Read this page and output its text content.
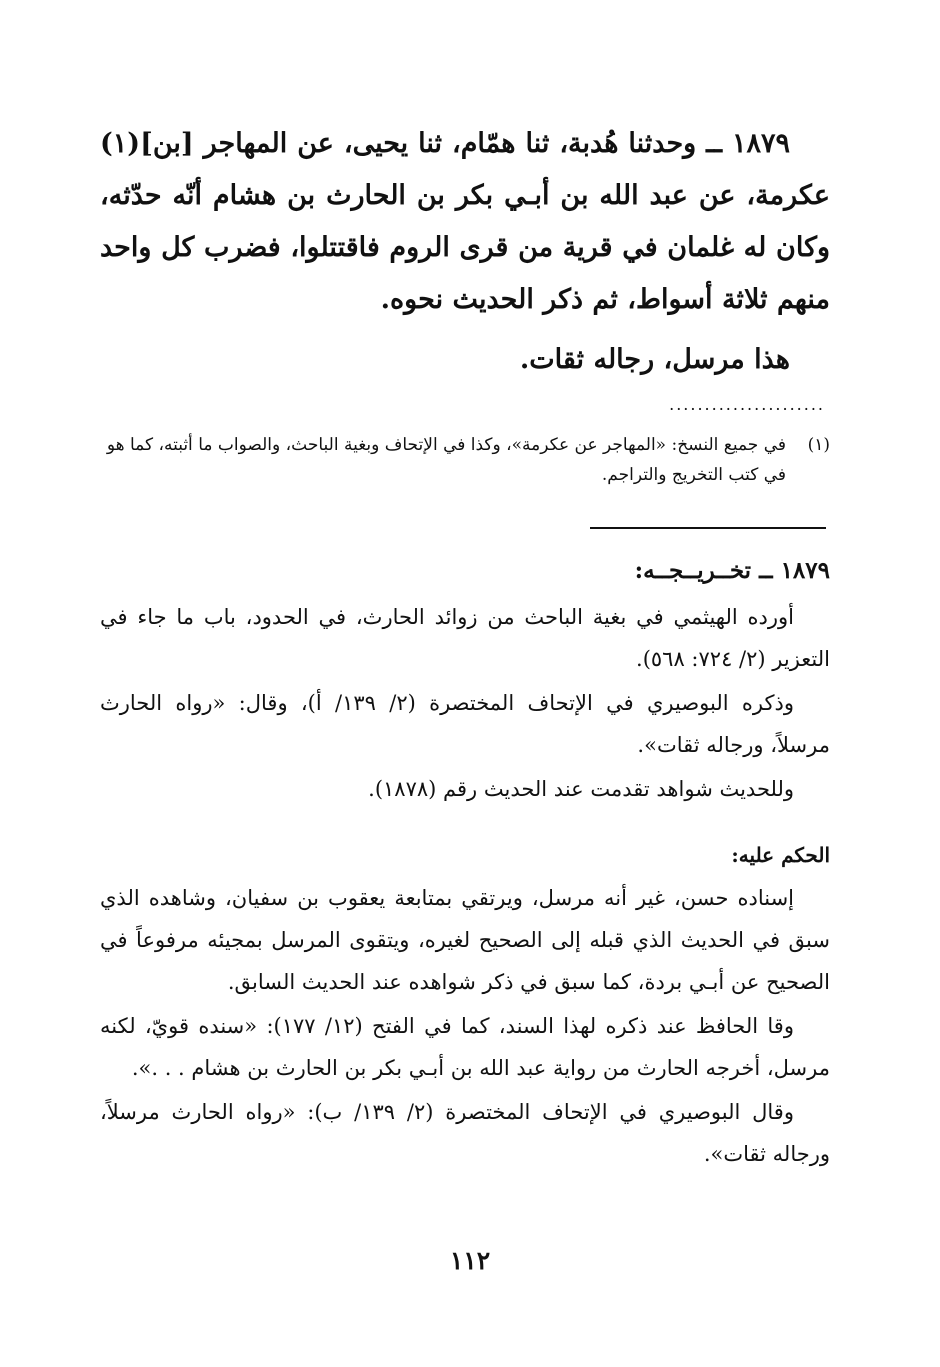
١٨٧٩ ــ وحدثنا هُدبة، ثنا همّام، ثنا يحيى، عن المهاجر [بن](١) عكرمة، عن عبد الله بن أبـي بكر بن الحارث بن هشام أنّه حدّثه، وكان له غلمان في قرية من قرى الروم فاقتتلوا، فضرب كل واحد منهم ثلاثة أسواط، ثم ذكر الحديث نحوه.

هذا مرسل، رجاله ثقات.

......................
(١)
في جميع النسخ: «المهاجر عن عكرمة»، وكذا في الإتحاف وبغية الباحث، والصواب ما أثبته، كما هو في كتب التخريج والتراجم.
١٨٧٩ ــ تخــريــجــه:

أورده الهيثمي في بغية الباحث من زوائد الحارث، في الحدود، باب ما جاء في التعزير (٢/ ٧٢٤: ٥٦٨).

وذكره البوصيري في الإتحاف المختصرة (٢/ ١٣٩/ أ)، وقال: «رواه الحارث مرسلاً، ورجاله ثقات».

وللحديث شواهد تقدمت عند الحديث رقم (١٨٧٨).

الحكم عليه:

إسناده حسن، غير أنه مرسل، ويرتقي بمتابعة يعقوب بن سفيان، وشاهده الذي سبق في الحديث الذي قبله إلى الصحيح لغيره، ويتقوى المرسل بمجيئه مرفوعاً في الصحيح عن أبـي بردة، كما سبق في ذكر شواهده عند الحديث السابق.

وقا الحافظ عند ذكره لهذا السند، كما في الفتح (١٢/ ١٧٧): «سنده قويّ، لكنه مرسل، أخرجه الحارث من رواية عبد الله بن أبـي بكر بن الحارث بن هشام . . .».

وقال البوصيري في الإتحاف المختصرة (٢/ ١٣٩/ ب): «رواه الحارث مرسلاً، ورجاله ثقات».

١١٢
